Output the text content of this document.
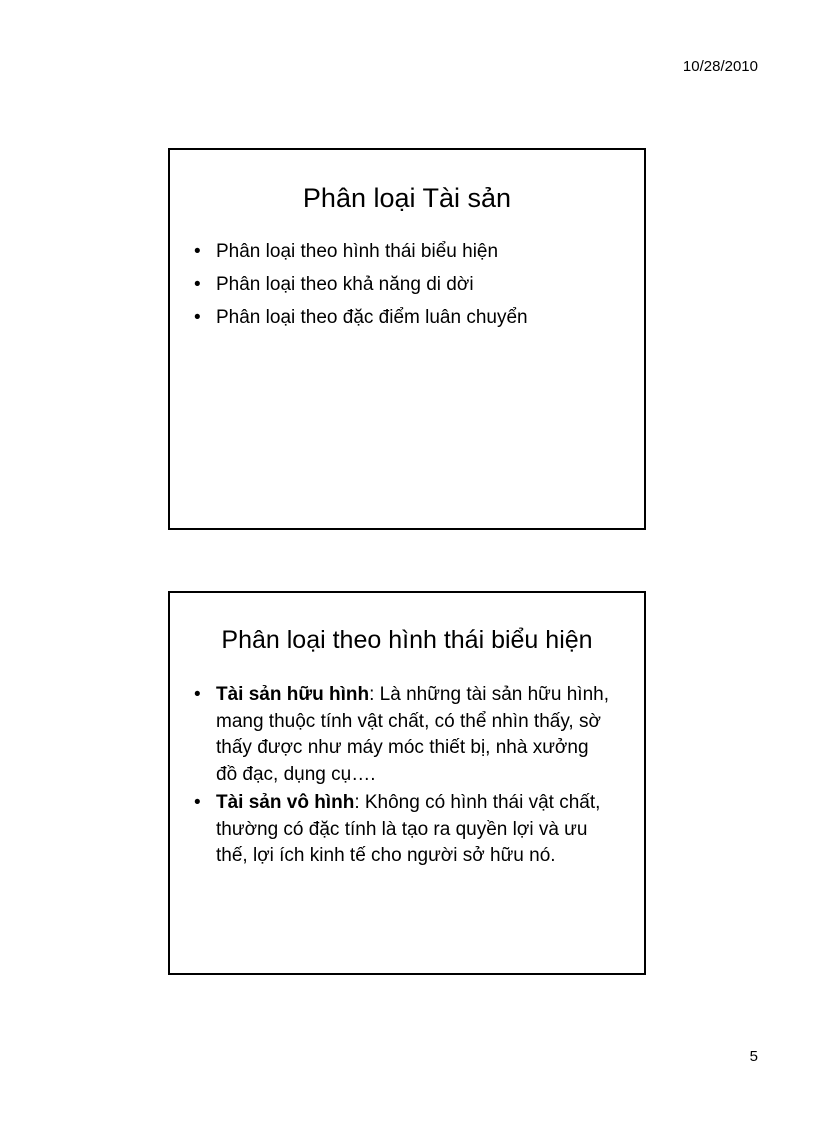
10/28/2010
Phân loại Tài sản
• Phân loại theo hình thái biểu hiện
• Phân loại theo khả năng di dời
• Phân loại theo đặc điểm luân chuyển
Phân loại theo hình thái biểu hiện
• Tài sản hữu hình: Là những tài sản hữu hình, mang thuộc tính vật chất, có thể nhìn thấy, sờ thấy được như máy móc thiết bị, nhà xưởng đồ đạc, dụng cụ….
• Tài sản vô hình: Không có hình thái vật chất, thường có đặc tính là tạo ra quyền lợi và ưu thế, lợi ích kinh tế cho người sở hữu nó.
5
